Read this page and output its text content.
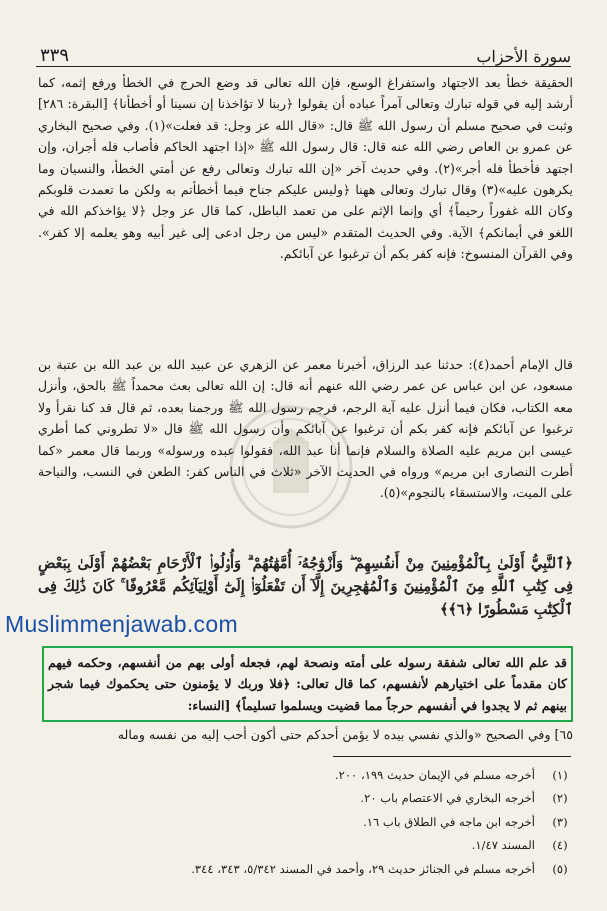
٣٣٩	سورة الأحزاب

الحقيقة خطأ بعد الاجتهاد واستفراغ الوسع، فإن الله تعالى قد وضع الحرج في الخطأ ورفع إثمه، كما أرشد إليه في قوله تبارك وتعالى آمراً عباده أن يقولوا ﴿ربنا لا تؤاخذنا إن نسينا أو أخطأنا﴾ [البقرة: ٢٨٦] وثبت في صحيح مسلم أن رسول الله ﷺ قال: «قال الله عز وجل: قد فعلت»(١). وفي صحيح البخاري عن عمرو بن العاص رضي الله عنه قال: قال رسول الله ﷺ «إذا اجتهد الحاكم فأصاب فله أجران، وإن اجتهد فأخطأ فله أجر»(٢). وفي حديث آخر «إن الله تبارك وتعالى رفع عن أمتي الخطأ، والنسيان وما يكرهون عليه»(٣) وقال تبارك وتعالى ههنا ﴿وليس عليكم جناح فيما أخطأتم به ولكن ما تعمدت قلوبكم وكان الله غفوراً رحيماً﴾ أي وإنما الإثم على من تعمد الباطل، كما قال عز وجل ﴿لا يؤاخذكم الله في اللغو في أيمانكم﴾ الآية. وفي الحديث المتقدم «ليس من رجل ادعى إلى غير أبيه وهو يعلمه إلا كفر». وفي القرآن المنسوخ: فإنه كفر بكم أن ترغبوا عن آبائكم.

قال الإمام أحمد(٤): حدثنا عبد الرزاق، أخبرنا معمر عن الزهري عن عبيد الله بن عبد الله بن عتبة بن مسعود، عن ابن عباس عن عمر رضي الله عنهم أنه قال: إن الله تعالى بعث محمداً ﷺ بالحق، وأنزل معه الكتاب، فكان فيما أنزل عليه آية الرجم، فرجم رسول الله ﷺ ورجمنا بعده، ثم قال قد كنا نقرأ ولا ترغبوا عن آبائكم فإنه كفر بكم أن ترغبوا عن آبائكم وأن رسول الله ﷺ قال «لا تطروني كما أطري عيسى ابن مريم عليه الصلاة والسلام فإنما أنا عبد الله، فقولوا عبده ورسوله» وربما قال معمر «كما أطرت النصارى ابن مريم» ورواه في الحديث الآخر «ثلاث في الناس كفر: الطعن في النسب، والنياحة على الميت، والاستسقاء بالنجوم»(٥).

﴿ٱلنَّبِيُّ أَوْلَىٰ بِٱلْمُؤْمِنِينَ مِنْ أَنفُسِهِمْ ۖ وَأَزْوَٰجُهُۥٓ أُمَّهَٰتُهُمْ ۗ وَأُو۟لُوا۟ ٱلْأَرْحَامِ بَعْضُهُمْ أَوْلَىٰ بِبَعْضٍ فِى كِتَٰبِ ٱللَّهِ مِنَ ٱلْمُؤْمِنِينَ وَٱلْمُهَٰجِرِينَ إِلَّآ أَن تَفْعَلُوٓا۟ إِلَىٰٓ أَوْلِيَآئِكُم مَّعْرُوفًا ۚ كَانَ ذَٰلِكَ فِى ٱلْكِتَٰبِ مَسْطُورًا ﴿٦﴾﴾

Muslimmenjawab.com

قد علم الله تعالى شفقة رسوله على أمته ونصحة لهم، فجعله أولى بهم من أنفسهم، وحكمه فيهم كان مقدماً على اختيارهم لأنفسهم، كما قال تعالى: ﴿فلا وربك لا يؤمنون حتى يحكموك فيما شجر بينهم ثم لا يجدوا في أنفسهم حرجاً مما قضيت ويسلموا تسليماً﴾ [النساء:

٦٥] وفي الصحيح «والذي نفسي بيده لا يؤمن أحدكم حتى أكون أحب إليه من نفسه وماله

(١)
أخرجه مسلم في الإيمان حديث ١٩٩، ٢٠٠.
(٢)
أخرجه البخاري في الاعتصام باب ٢٠.
(٣)
أخرجه ابن ماجه في الطلاق باب ١٦.
(٤)
المسند ١/٤٧.
(٥)
أخرجه مسلم في الجنائز حديث ٢٩، وأحمد في المسند ٥/٣٤٢، ٣٤٣، ٣٤٤.
